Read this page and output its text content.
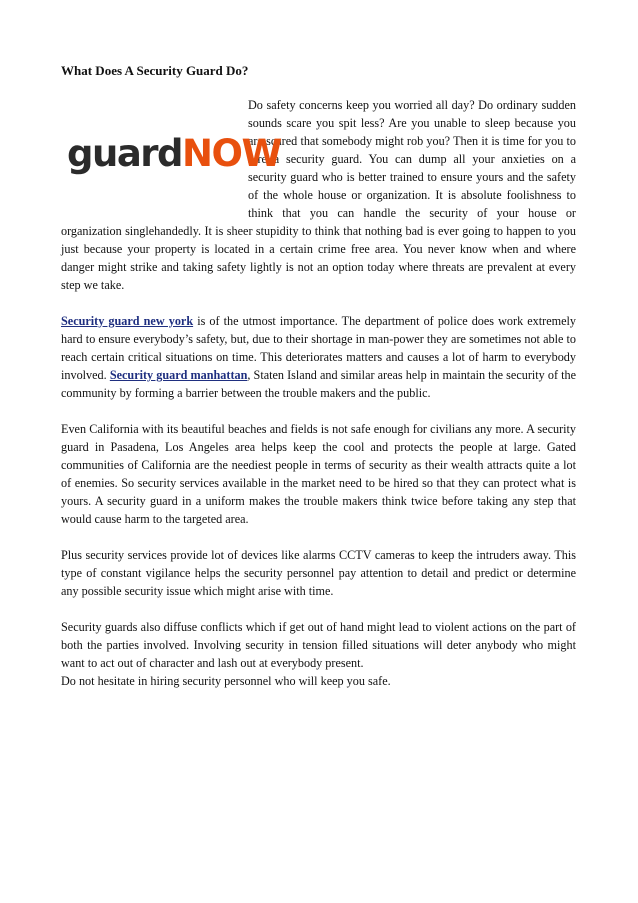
What Does A Security Guard Do?
guardNOW

Do safety concerns keep you worried all day? Do ordinary sudden sounds scare you spit less? Are you unable to sleep because you are scared that somebody might rob you? Then it is time for you to hire a security guard. You can dump all your anxieties on a security guard who is better trained to ensure yours and the safety of the whole house or organization. It is absolute foolishness to think that you can handle the security of your house or organization singlehandedly. It is sheer stupidity to think that nothing bad is ever going to happen to you just because your property is located in a certain crime free area. You never know when and where danger might strike and taking safety lightly is not an option today where threats are prevalent at every step we take.

Security guard new york is of the utmost importance. The department of police does work extremely hard to ensure everybody’s safety, but, due to their shortage in man-power they are sometimes not able to reach certain critical situations on time. This deteriorates matters and causes a lot of harm to everybody involved. Security guard manhattan, Staten Island and similar areas help in maintain the security of the community by forming a barrier between the trouble makers and the public.

Even California with its beautiful beaches and fields is not safe enough for civilians any more. A security guard in Pasadena, Los Angeles area helps keep the cool and protects the people at large. Gated communities of California are the neediest people in terms of security as their wealth attracts quite a lot of enemies. So security services available in the market need to be hired so that they can protect what is yours. A security guard in a uniform makes the trouble makers think twice before taking any step that would cause harm to the targeted area.

Plus security services provide lot of devices like alarms CCTV cameras to keep the intruders away. This type of constant vigilance helps the security personnel pay attention to detail and predict or determine any possible security issue which might arise with time.

Security guards also diffuse conflicts which if get out of hand might lead to violent actions on the part of both the parties involved. Involving security in tension filled situations will deter anybody who might want to act out of character and lash out at everybody present.

Do not hesitate in hiring security personnel who will keep you safe.
